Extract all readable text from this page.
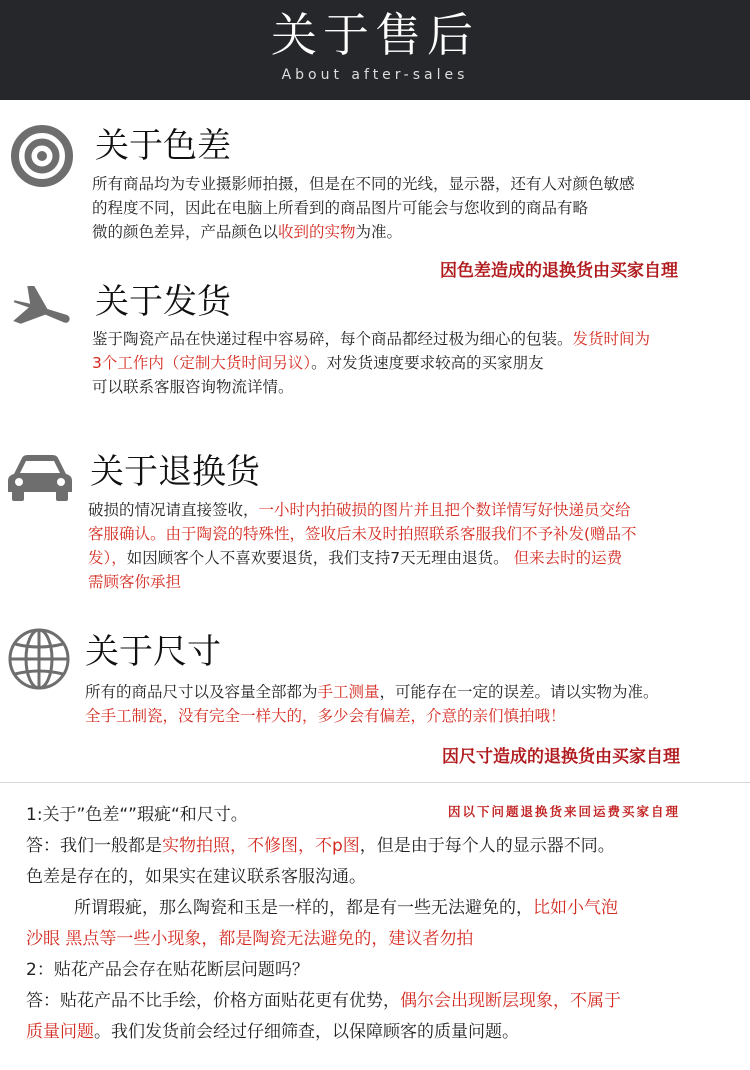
关于售后
About after-sales
关于色差
所有商品均为专业摄影师拍摄，但是在不同的光线，显示器，还有人对颜色敏感
的程度不同，因此在电脑上所看到的商品图片可能会与您收到的商品有略
微的颜色差异，产品颜色以收到的实物为准。
因色差造成的退换货由买家自理
关于发货
鉴于陶瓷产品在快递过程中容易碎，每个商品都经过极为细心的包装。发货时间为
3个工作内（定制大货时间另议）。对发货速度要求较高的买家朋友
可以联系客服咨询物流详情。
关于退换货
破损的情况请直接签收，一小时内拍破损的图片并且把个数详情写好快递员交给
客服确认。由于陶瓷的特殊性，签收后未及时拍照联系客服我们不予补发(赠品不
发），如因顾客个人不喜欢要退货，我们支持7天无理由退货。 但来去时的运费
需顾客你承担
关于尺寸
所有的商品尺寸以及容量全部都为手工测量，可能存在一定的误差。请以实物为准。
全手工制瓷，没有完全一样大的，多少会有偏差，介意的亲们慎拍哦！
因尺寸造成的退换货由买家自理
因以下问题退换货来回运费买家自理
1:关于”色差“”瑕疵“和尺寸。
答：我们一般都是实物拍照，不修图，不p图，但是由于每个人的显示器不同。
色差是存在的，如果实在建议联系客服沟通。
所谓瑕疵，那么陶瓷和玉是一样的，都是有一些无法避免的，比如小气泡
沙眼 黑点等一些小现象，都是陶瓷无法避免的，建议者勿拍
2：贴花产品会存在贴花断层问题吗？
答：贴花产品不比手绘，价格方面贴花更有优势，偶尔会出现断层现象，不属于
质量问题。我们发货前会经过仔细筛查，以保障顾客的质量问题。
